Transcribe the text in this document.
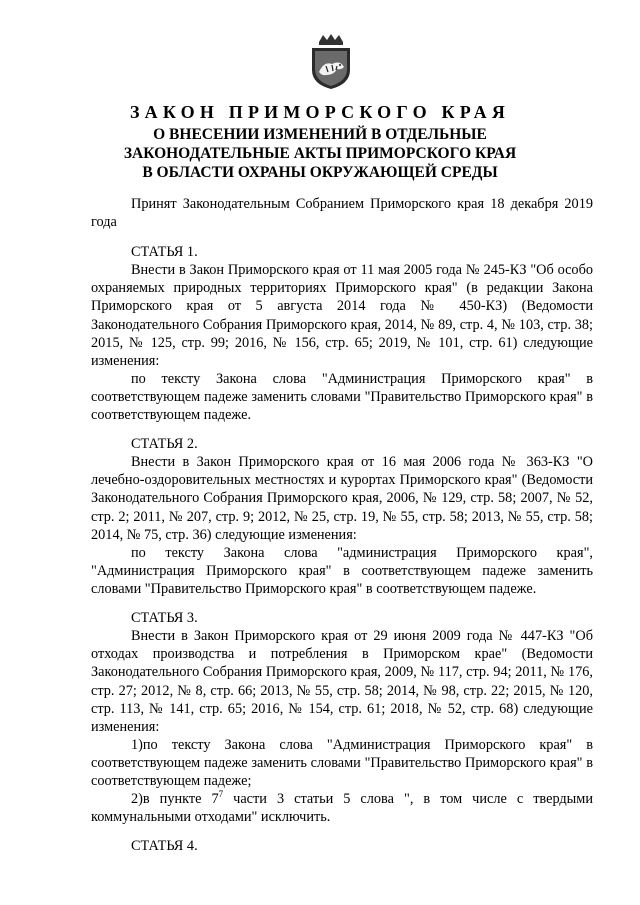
ЗАКОН ПРИМОРСКОГО КРАЯ
О ВНЕСЕНИИ ИЗМЕНЕНИЙ В ОТДЕЛЬНЫЕ
ЗАКОНОДАТЕЛЬНЫЕ АКТЫ ПРИМОРСКОГО КРАЯ
В ОБЛАСТИ ОХРАНЫ ОКРУЖАЮЩЕЙ СРЕДЫ
Принят Законодательным Собранием Приморского края 18 декабря 2019 года
СТАТЬЯ 1.
Внести в Закон Приморского края от 11 мая 2005 года № 245-КЗ "Об особо охраняемых природных территориях Приморского края" (в редакции Закона Приморского края от 5 августа 2014 года № 450-КЗ) (Ведомости Законодательного Собрания Приморского края, 2014, № 89, стр. 4, № 103, стр. 38; 2015, № 125, стр. 99; 2016, № 156, стр. 65; 2019, № 101, стр. 61) следующие изменения:
по тексту Закона слова "Администрация Приморского края" в соответствующем падеже заменить словами "Правительство Приморского края" в соответствующем падеже.
СТАТЬЯ 2.
Внести в Закон Приморского края от 16 мая 2006 года № 363-КЗ "О лечебно-оздоровительных местностях и курортах Приморского края" (Ведомости Законодательного Собрания Приморского края, 2006, № 129, стр. 58; 2007, № 52, стр. 2; 2011, № 207, стр. 9; 2012, № 25, стр. 19, № 55, стр. 58; 2013, № 55, стр. 58; 2014, № 75, стр. 36) следующие изменения:
по тексту Закона слова "администрация Приморского края", "Администрация Приморского края" в соответствующем падеже заменить словами "Правительство Приморского края" в соответствующем падеже.
СТАТЬЯ 3.
Внести в Закон Приморского края от 29 июня 2009 года № 447-КЗ "Об отходах производства и потребления в Приморском крае" (Ведомости Законодательного Собрания Приморского края, 2009, № 117, стр. 94; 2011, № 176, стр. 27; 2012, № 8, стр. 66; 2013, № 55, стр. 58; 2014, № 98, стр. 22; 2015, № 120, стр. 113, № 141, стр. 65; 2016, № 154, стр. 61; 2018, № 52, стр. 68) следующие изменения:
1)по тексту Закона слова "Администрация Приморского края" в соответствующем падеже заменить словами "Правительство Приморского края" в соответствующем падеже;
2)в пункте $7^7$ части 3 статьи 5 слова ", в том числе с твердыми коммунальными отходами" исключить.
СТАТЬЯ 4.
